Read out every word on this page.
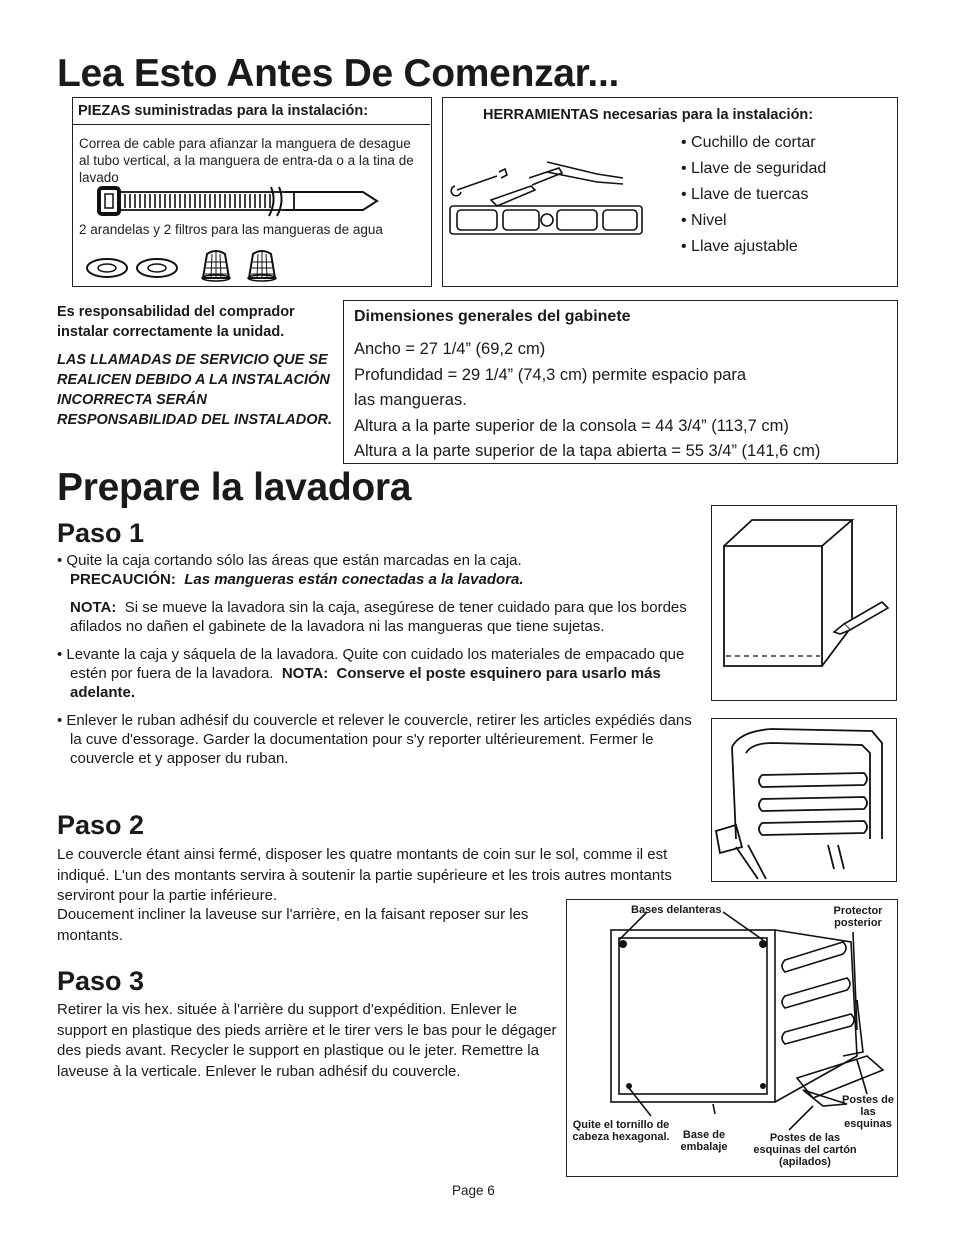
Lea Esto Antes De Comenzar...
PIEZAS suministradas para la instalación:
Correa de cable para afianzar la manguera de desague al tubo vertical, a la manguera de entra-da o a la tina de lavado
2 arandelas y 2 filtros para las mangueras de agua
HERRAMIENTAS necesarias para la instalación:
• Cuchillo de cortar
• Llave de seguridad
• Llave de tuercas
• Nivel
• Llave ajustable
Es responsabilidad del comprador instalar correctamente la unidad.
LAS LLAMADAS DE SERVICIO QUE SE REALICEN DEBIDO A LA INSTALACIÓN INCORRECTA SERÁN RESPONSABILIDAD DEL INSTALADOR.
Dimensiones generales del gabinete
Ancho = 27 1/4” (69,2 cm)
Profundidad = 29 1/4” (74,3 cm) permite espacio para
las mangueras.
Altura a la parte superior de la consola = 44 3/4” (113,7 cm)
Altura a la parte superior de la tapa abierta = 55 3/4” (141,6 cm)
Prepare la lavadora
Paso 1

• Quite la caja cortando sólo las áreas que están marcadas en la caja.

PRECAUCIÓN: Las mangueras están conectadas a la lavadora.

NOTA: Si se mueve la lavadora sin la caja, asegúrese de tener cuidado para que los bordes afilados no dañen el gabinete de la lavadora ni las mangueras que tiene sujetas.

• Levante la caja y sáquela de la lavadora. Quite con cuidado los materiales de empacado que estén por fuera de la lavadora. NOTA: Conserve el poste esquinero para usarlo más adelante.

• Enlever le ruban adhésif du couvercle et relever le couvercle, retirer les articles expédiés dans la cuve d'essorage. Garder la documentation pour s'y reporter ultérieurement. Fermer le couvercle et y apposer du ruban.

Paso 2
Le couvercle étant ainsi fermé, disposer les quatre montants de coin sur le sol, comme il est indiqué. L'un des montants servira à soutenir la partie supérieure et les trois autres montants serviront pour la partie inférieure.
Doucement incliner la laveuse sur l'arrière, en la faisant reposer sur les montants.
Paso 3
Retirer la vis hex. située à l'arrière du support d'expédition. Enlever le support en plastique des pieds arrière et le tirer vers le bas pour le dégager des pieds avant. Recycler le support en plastique ou le jeter. Remettre la laveuse à la verticale. Enlever le ruban adhésif du couvercle.
Bases delanteras	Protector posterior
Postes de las esquinas
Quite el tornillo de cabeza hexagonal.	Base de embalaje
Postes de las esquinas del cartón (apilados)
Page 6
